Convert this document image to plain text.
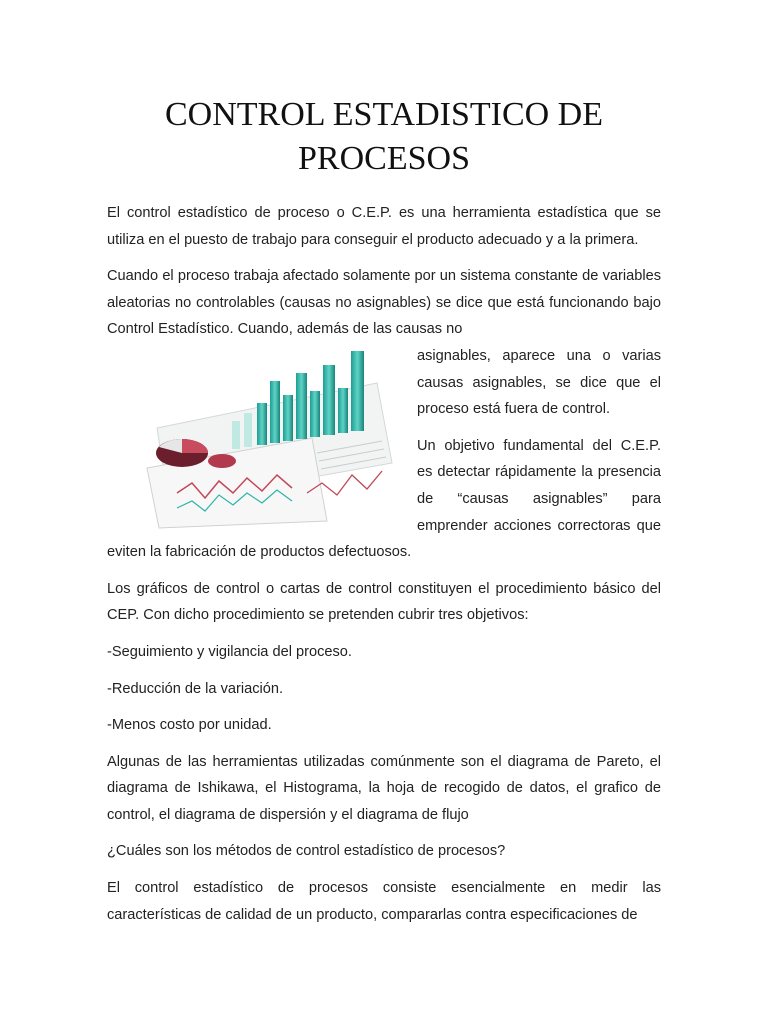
CONTROL ESTADISTICO DE
PROCESOS

El control estadístico de proceso o C.E.P. es una herramienta estadística que se utiliza en el puesto de trabajo para conseguir el producto adecuado y a la primera.

Cuando el proceso trabaja afectado solamente por un sistema constante de variables aleatorias no controlables (causas no asignables) se dice que está funcionando bajo Control Estadístico. Cuando, además de las causas no

asignables, aparece una o varias causas asignables, se dice que el proceso está fuera de control.

Un objetivo fundamental del C.E.P. es detectar rápidamente la presencia de “causas asignables” para emprender acciones correctoras que eviten la fabricación de productos defectuosos.

Los gráficos de control o cartas de control constituyen el procedimiento básico del CEP. Con dicho procedimiento se pretenden cubrir tres objetivos:

-Seguimiento y vigilancia del proceso.

-Reducción de la variación.

-Menos costo por unidad.

Algunas de las herramientas utilizadas comúnmente son el diagrama de Pareto, el diagrama de Ishikawa, el Histograma, la hoja de recogido de datos, el grafico de control, el diagrama de dispersión y el diagrama de flujo

¿Cuáles son los métodos de control estadístico de procesos?

El control estadístico de procesos consiste esencialmente en medir las características de calidad de un producto, compararlas contra especificaciones de
